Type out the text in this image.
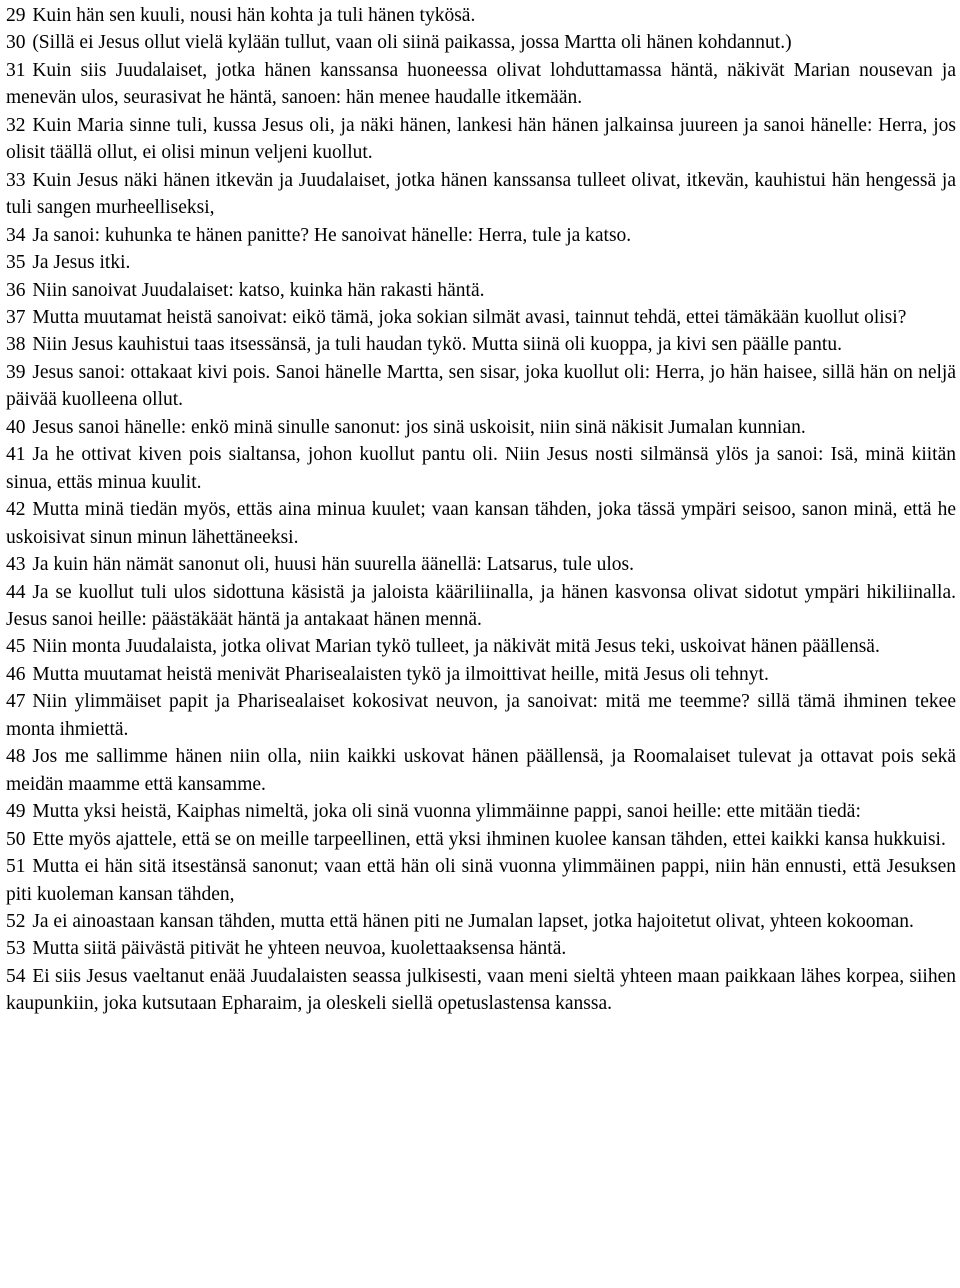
29 Kuin hän sen kuuli, nousi hän kohta ja tuli hänen tykösä.

30 (Sillä ei Jesus ollut vielä kylään tullut, vaan oli siinä paikassa, jossa Martta oli hänen kohdannut.)

31 Kuin siis Juudalaiset, jotka hänen kanssansa huoneessa olivat lohduttamassa häntä, näkivät Marian nousevan ja menevän ulos, seurasivat he häntä, sanoen: hän menee haudalle itkemään.

32 Kuin Maria sinne tuli, kussa Jesus oli, ja näki hänen, lankesi hän hänen jalkainsa juureen ja sanoi hänelle: Herra, jos olisit täällä ollut, ei olisi minun veljeni kuollut.

33 Kuin Jesus näki hänen itkevän ja Juudalaiset, jotka hänen kanssansa tulleet olivat, itkevän, kauhistui hän hengessä ja tuli sangen murheelliseksi,

34 Ja sanoi: kuhunka te hänen panitte? He sanoivat hänelle: Herra, tule ja katso.

35 Ja Jesus itki.

36 Niin sanoivat Juudalaiset: katso, kuinka hän rakasti häntä.

37 Mutta muutamat heistä sanoivat: eikö tämä, joka sokian silmät avasi, tainnut tehdä, ettei tämäkään kuollut olisi?

38 Niin Jesus kauhistui taas itsessänsä, ja tuli haudan tykö. Mutta siinä oli kuoppa, ja kivi sen päälle pantu.

39 Jesus sanoi: ottakaat kivi pois. Sanoi hänelle Martta, sen sisar, joka kuollut oli: Herra, jo hän haisee, sillä hän on neljä päivää kuolleena ollut.

40 Jesus sanoi hänelle: enkö minä sinulle sanonut: jos sinä uskoisit, niin sinä näkisit Jumalan kunnian.

41 Ja he ottivat kiven pois sialtansa, johon kuollut pantu oli. Niin Jesus nosti silmänsä ylös ja sanoi: Isä, minä kiitän sinua, ettäs minua kuulit.

42 Mutta minä tiedän myös, ettäs aina minua kuulet; vaan kansan tähden, joka tässä ympäri seisoo, sanon minä, että he uskoisivat sinun minun lähettäneeksi.

43 Ja kuin hän nämät sanonut oli, huusi hän suurella äänellä: Latsarus, tule ulos.

44 Ja se kuollut tuli ulos sidottuna käsistä ja jaloista kääriliinalla, ja hänen kasvonsa olivat sidotut ympäri hikiliinalla. Jesus sanoi heille: päästäkäät häntä ja antakaat hänen mennä.

45 Niin monta Juudalaista, jotka olivat Marian tykö tulleet, ja näkivät mitä Jesus teki, uskoivat hänen päällensä.

46 Mutta muutamat heistä menivät Pharisealaisten tykö ja ilmoittivat heille, mitä Jesus oli tehnyt.

47 Niin ylimmäiset papit ja Pharisealaiset kokosivat neuvon, ja sanoivat: mitä me teemme? sillä tämä ihminen tekee monta ihmiettä.

48 Jos me sallimme hänen niin olla, niin kaikki uskovat hänen päällensä, ja Roomalaiset tulevat ja ottavat pois sekä meidän maamme että kansamme.

49 Mutta yksi heistä, Kaiphas nimeltä, joka oli sinä vuonna ylimmäinne pappi, sanoi heille: ette mitään tiedä:

50 Ette myös ajattele, että se on meille tarpeellinen, että yksi ihminen kuolee kansan tähden, ettei kaikki kansa hukkuisi.

51 Mutta ei hän sitä itsestänsä sanonut; vaan että hän oli sinä vuonna ylimmäinen pappi, niin hän ennusti, että Jesuksen piti kuoleman kansan tähden,

52 Ja ei ainoastaan kansan tähden, mutta että hänen piti ne Jumalan lapset, jotka hajoitetut olivat, yhteen kokooman.

53 Mutta siitä päivästä pitivät he yhteen neuvoa, kuolettaaksensa häntä.

54 Ei siis Jesus vaeltanut enää Juudalaisten seassa julkisesti, vaan meni sieltä yhteen maan paikkaan lähes korpea, siihen kaupunkiin, joka kutsutaan Epharaim, ja oleskeli siellä opetuslastensa kanssa.
